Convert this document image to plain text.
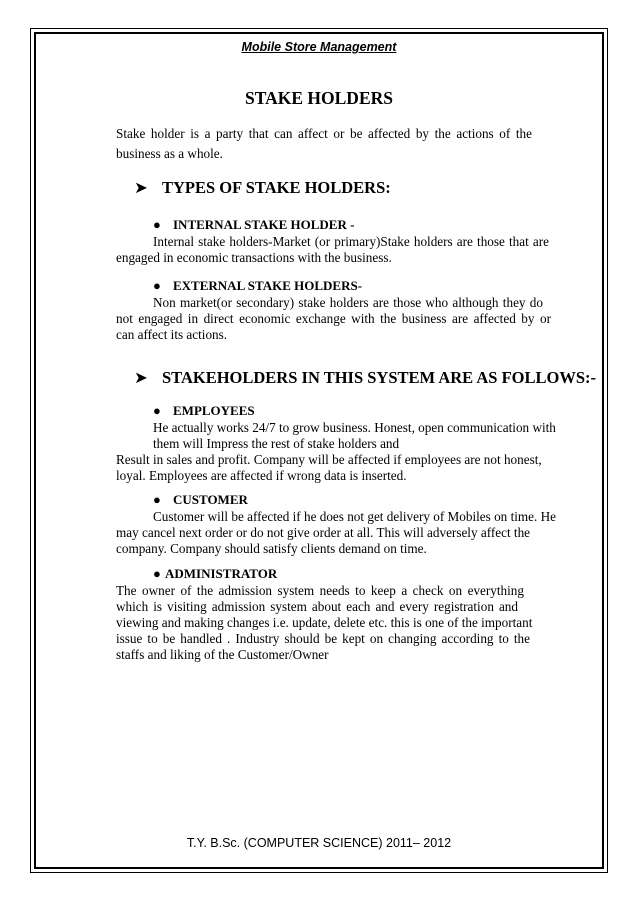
Mobile Store Management
STAKE HOLDERS
Stake holder is a party that can affect or be affected by the actions of the
business as a whole.
➤ TYPES OF STAKE HOLDERS:
● INTERNAL STAKE HOLDER -
Internal stake holders-Market (or primary)Stake holders are those that are
engaged in economic transactions with the business.
● EXTERNAL STAKE HOLDERS-
Non market(or secondary) stake holders are those who although they do
not engaged in direct economic exchange with the business are affected by or
can affect its actions.
➤ STAKEHOLDERS IN THIS SYSTEM ARE AS FOLLOWS:-
● EMPLOYEES
He actually works 24/7 to grow business. Honest, open communication with
them will Impress the rest of stake holders and
Result in sales and profit. Company will be affected if employees are not honest,
loyal. Employees are affected if wrong data is inserted.
● CUSTOMER
Customer will be affected if he does not get delivery of Mobiles on time. He
may cancel next order or do not give order at all. This will adversely affect the
company. Company should satisfy clients demand on time.
● ADMINISTRATOR
The owner of the admission system needs to keep a check on everything
which is visiting admission system about each and every registration and
viewing and making changes i.e. update, delete etc. this is one of the important
issue to be handled . Industry should be kept on changing according to the
staffs and liking of the Customer/Owner
T.Y. B.Sc. (COMPUTER SCIENCE) 2011– 2012
